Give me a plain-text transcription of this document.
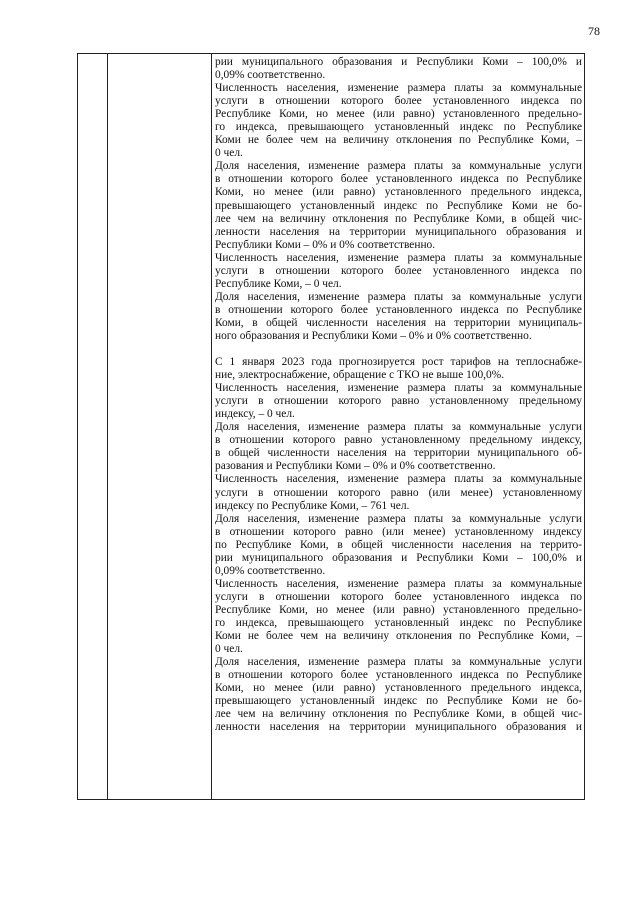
78
рии муниципального образования и Республики Коми – 100,0% и
0,09% соответственно.
Численность населения, изменение размера платы за коммунальные
услуги в отношении которого более установленного индекса по
Республике Коми, но менее (или равно) установленного предельно-
го индекса, превышающего установленный индекс по Республике
Коми не более чем на величину отклонения по Республике Коми, –
0 чел.
Доля населения, изменение размера платы за коммунальные услуги
в отношении которого более установленного индекса по Республике
Коми, но менее (или равно) установленного предельного индекса,
превышающего установленный индекс по Республике Коми не бо-
лее чем на величину отклонения по Республике Коми, в общей чис-
ленности населения на территории муниципального образования и
Республики Коми – 0% и 0% соответственно.
Численность населения, изменение размера платы за коммунальные
услуги в отношении которого более установленного индекса по
Республике Коми, – 0 чел.
Доля населения, изменение размера платы за коммунальные услуги
в отношении которого более установленного индекса по Республике
Коми, в общей численности населения на территории муниципаль-
ного образования и Республики Коми – 0% и 0% соответственно.
С 1 января 2023 года прогнозируется рост тарифов на теплоснабже-
ние, электроснабжение, обращение с ТКО не выше 100,0%.
Численность населения, изменение размера платы за коммунальные
услуги в отношении которого равно установленному предельному
индексу, – 0 чел.
Доля населения, изменение размера платы за коммунальные услуги
в отношении которого равно установленному предельному индексу,
в общей численности населения на территории муниципального об-
разования и Республики Коми – 0% и 0% соответственно.
Численность населения, изменение размера платы за коммунальные
услуги в отношении которого равно (или менее) установленному
индексу по Республике Коми, – 761 чел.
Доля населения, изменение размера платы за коммунальные услуги
в отношении которого равно (или менее) установленному индексу
по Республике Коми, в общей численности населения на террито-
рии муниципального образования и Республики Коми – 100,0% и
0,09% соответственно.
Численность населения, изменение размера платы за коммунальные
услуги в отношении которого более установленного индекса по
Республике Коми, но менее (или равно) установленного предельно-
го индекса, превышающего установленный индекс по Республике
Коми не более чем на величину отклонения по Республике Коми, –
0 чел.
Доля населения, изменение размера платы за коммунальные услуги
в отношении которого более установленного индекса по Республике
Коми, но менее (или равно) установленного предельного индекса,
превышающего установленный индекс по Республике Коми не бо-
лее чем на величину отклонения по Республике Коми, в общей чис-
ленности населения на территории муниципального образования и
